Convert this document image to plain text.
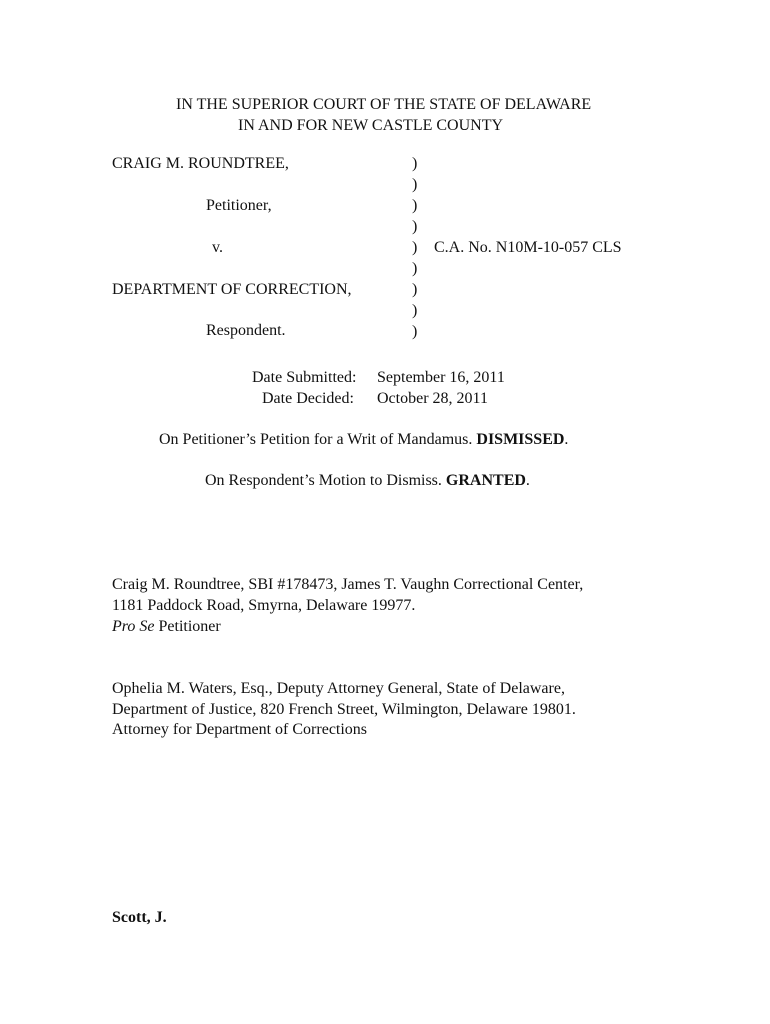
IN THE SUPERIOR COURT OF THE STATE OF DELAWARE
IN AND FOR NEW CASTLE COUNTY
CRAIG M. ROUNDTREE,
Petitioner,
v.
DEPARTMENT OF CORRECTION,
Respondent.
)
)
)
)
)
)
)
)
)
C.A. No. N10M-10-057 CLS
Date Submitted: September 16, 2011
Date Decided: October 28, 2011
On Petitioner’s Petition for a Writ of Mandamus. DISMISSED.
On Respondent’s Motion to Dismiss. GRANTED.
Craig M. Roundtree, SBI #178473, James T. Vaughn Correctional Center,
1181 Paddock Road, Smyrna, Delaware 19977.
Pro Se Petitioner
Ophelia M. Waters, Esq., Deputy Attorney General, State of Delaware,
Department of Justice, 820 French Street, Wilmington, Delaware 19801.
Attorney for Department of Corrections
Scott, J.
